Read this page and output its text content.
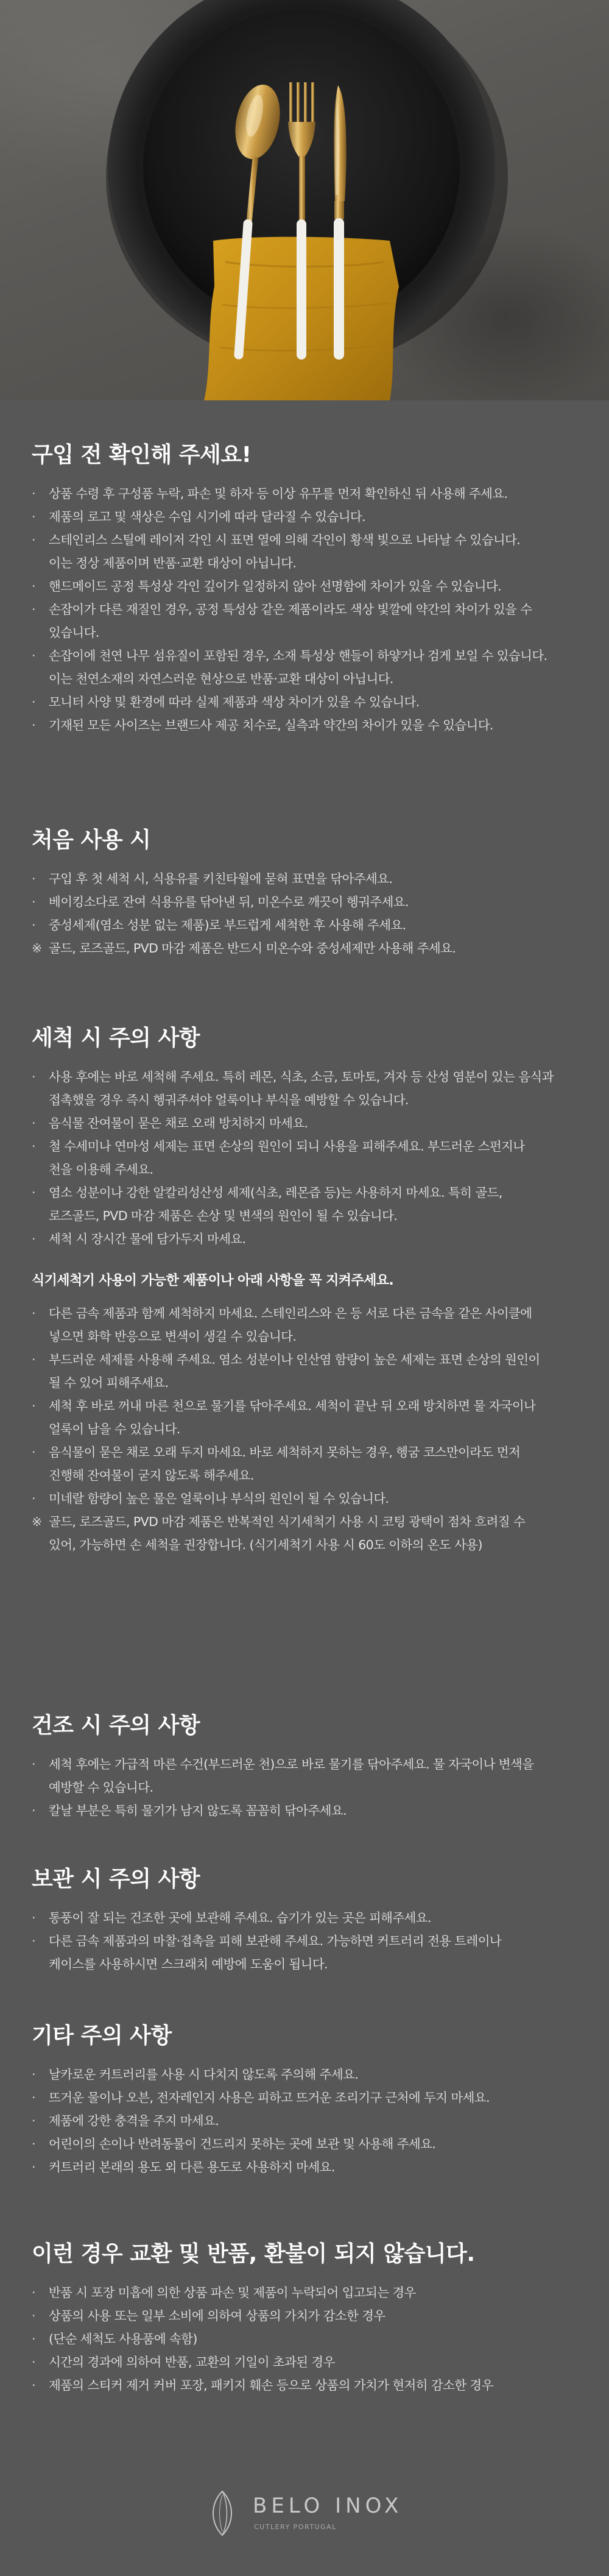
구입 전 확인해 주세요!
·	상품 수령 후 구성품 누락, 파손 및 하자 등 이상 유무를 먼저 확인하신 뒤 사용해 주세요.
·	제품의 로고 및 색상은 수입 시기에 따라 달라질 수 있습니다.
·	스테인리스 스틸에 레이저 각인 시 표면 열에 의해 각인이 황색 빛으로 나타날 수 있습니다.
이는 정상 제품이며 반품·교환 대상이 아닙니다.
·	핸드메이드 공정 특성상 각인 깊이가 일정하지 않아 선명함에 차이가 있을 수 있습니다.
·	손잡이가 다른 재질인 경우, 공정 특성상 같은 제품이라도 색상 빛깔에 약간의 차이가 있을 수
있습니다.
·	손잡이에 천연 나무 섬유질이 포함된 경우, 소재 특성상 핸들이 하얗거나 검게 보일 수 있습니다.
이는 천연소재의 자연스러운 현상으로 반품·교환 대상이 아닙니다.
·	모니터 사양 및 환경에 따라 실제 제품과 색상 차이가 있을 수 있습니다.
·	기재된 모든 사이즈는 브랜드사 제공 치수로, 실측과 약간의 차이가 있을 수 있습니다.
처음 사용 시
·	구입 후 첫 세척 시, 식용유를 키친타월에 묻혀 표면을 닦아주세요.
·	베이킹소다로 잔여 식용유를 닦아낸 뒤, 미온수로 깨끗이 헹궈주세요.
·	중성세제(염소 성분 없는 제품)로 부드럽게 세척한 후 사용해 주세요.
※ 골드, 로즈골드, PVD 마감 제품은 반드시 미온수와 중성세제만 사용해 주세요.
세척 시 주의 사항
·	사용 후에는 바로 세척해 주세요. 특히 레몬, 식초, 소금, 토마토, 겨자 등 산성 염분이 있는 음식과
접촉했을 경우 즉시 헹궈주셔야 얼룩이나 부식을 예방할 수 있습니다.
·	음식물 잔여물이 묻은 채로 오래 방치하지 마세요.
·	철 수세미나 연마성 세제는 표면 손상의 원인이 되니 사용을 피해주세요. 부드러운 스펀지나
천을 이용해 주세요.
·	염소 성분이나 강한 알칼리성산성 세제(식초, 레몬즙 등)는 사용하지 마세요. 특히 골드,
로즈골드, PVD 마감 제품은 손상 및 변색의 원인이 될 수 있습니다.
·	세척 시 장시간 물에 담가두지 마세요.
식기세척기 사용이 가능한 제품이나 아래 사항을 꼭 지켜주세요.
·	다른 금속 제품과 함께 세척하지 마세요. 스테인리스와 은 등 서로 다른 금속을 같은 사이클에
넣으면 화학 반응으로 변색이 생길 수 있습니다.
·	부드러운 세제를 사용해 주세요. 염소 성분이나 인산염 함량이 높은 세제는 표면 손상의 원인이
될 수 있어 피해주세요.
·	세척 후 바로 꺼내 마른 천으로 물기를 닦아주세요. 세척이 끝난 뒤 오래 방치하면 물 자국이나
얼룩이 남을 수 있습니다.
·	음식물이 묻은 채로 오래 두지 마세요. 바로 세척하지 못하는 경우, 헹굼 코스만이라도 먼저
진행해 잔여물이 굳지 않도록 해주세요.
·	미네랄 함량이 높은 물은 얼룩이나 부식의 원인이 될 수 있습니다.
※ 골드, 로즈골드, PVD 마감 제품은 반복적인 식기세척기 사용 시 코팅 광택이 점차 흐려질 수
있어, 가능하면 손 세척을 권장합니다. (식기세척기 사용 시 60도 이하의 온도 사용)
건조 시 주의 사항
·	세척 후에는 가급적 마른 수건(부드러운 천)으로 바로 물기를 닦아주세요. 물 자국이나 변색을
예방할 수 있습니다.
·	칼날 부분은 특히 물기가 남지 않도록 꼼꼼히 닦아주세요.
보관 시 주의 사항
·	통풍이 잘 되는 건조한 곳에 보관해 주세요. 습기가 있는 곳은 피해주세요.
·	다른 금속 제품과의 마찰·접촉을 피해 보관해 주세요. 가능하면 커트러리 전용 트레이나
케이스를 사용하시면 스크래치 예방에 도움이 됩니다.
기타 주의 사항
·	날카로운 커트러리를 사용 시 다치지 않도록 주의해 주세요.
·	뜨거운 물이나 오븐, 전자레인지 사용은 피하고 뜨거운 조리기구 근처에 두지 마세요.
·	제품에 강한 충격을 주지 마세요.
·	어린이의 손이나 반려동물이 건드리지 못하는 곳에 보관 및 사용해 주세요.
·	커트러리 본래의 용도 외 다른 용도로 사용하지 마세요.
이런 경우 교환 및 반품, 환불이 되지 않습니다.
·	반품 시 포장 미흡에 의한 상품 파손 및 제품이 누락되어 입고되는 경우
·	상품의 사용 또는 일부 소비에 의하여 상품의 가치가 감소한 경우
·	(단순 세척도 사용품에 속함)
·	시간의 경과에 의하여 반품, 교환의 기일이 초과된 경우
·	제품의 스티커 제거 커버 포장, 패키지 훼손 등으로 상품의 가치가 현저히 감소한 경우
BELO INOX
CUTLERY PORTUGAL
